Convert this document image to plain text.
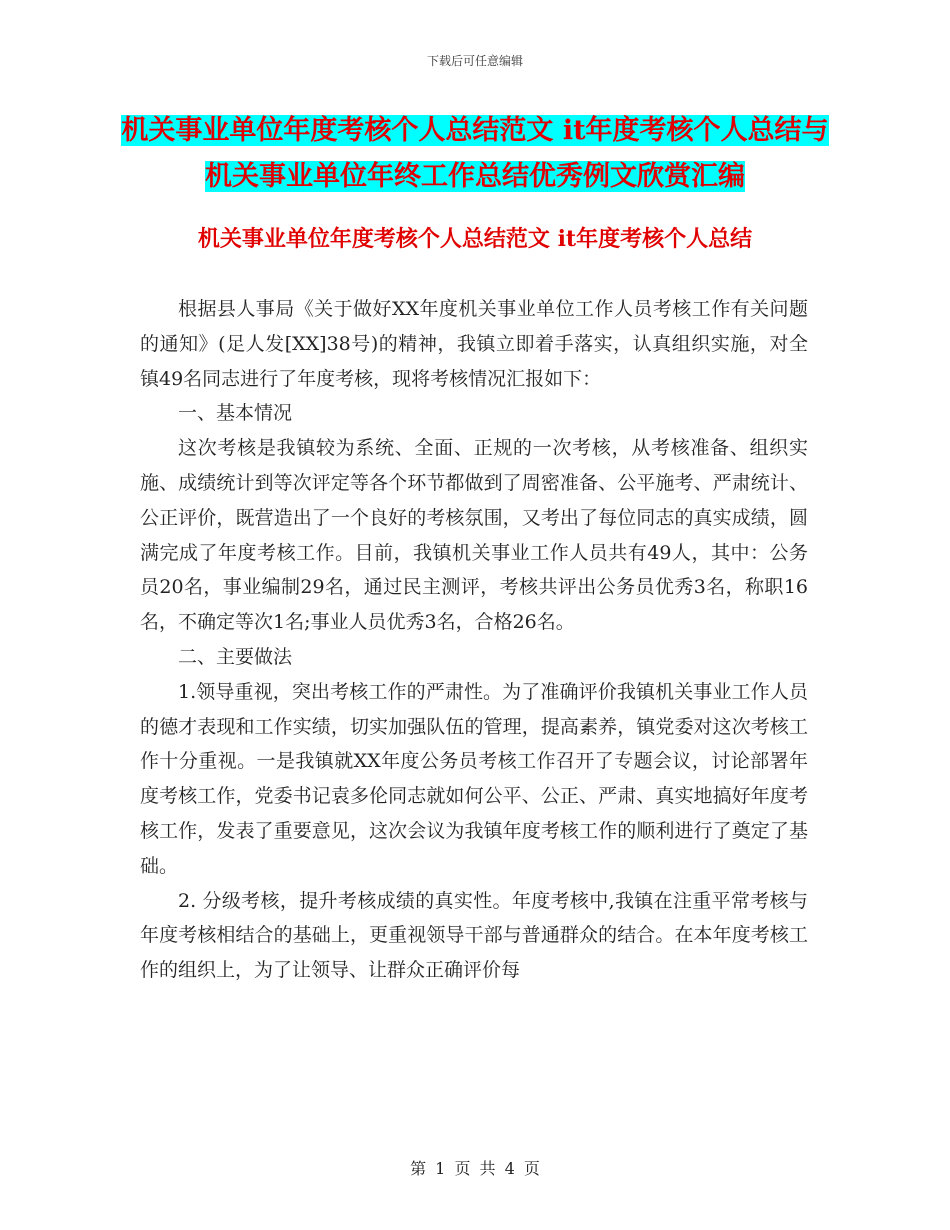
下载后可任意编辑
机关事业单位年度考核个人总结范文 it年度考核个人总结与机关事业单位年终工作总结优秀例文欣赏汇编
机关事业单位年度考核个人总结范文 it年度考核个人总结

根据县人事局《关于做好XX年度机关事业单位工作人员考核工作有关问题的通知》(足人发[XX]38号)的精神，我镇立即着手落实，认真组织实施，对全镇49名同志进行了年度考核，现将考核情况汇报如下：

一、基本情况

这次考核是我镇较为系统、全面、正规的一次考核，从考核准备、组织实施、成绩统计到等次评定等各个环节都做到了周密准备、公平施考、严肃统计、公正评价，既营造出了一个良好的考核氛围，又考出了每位同志的真实成绩，圆满完成了年度考核工作。目前，我镇机关事业工作人员共有49人，其中：公务员20名，事业编制29名，通过民主测评，考核共评出公务员优秀3名，称职16名，不确定等次1名;事业人员优秀3名，合格26名。

二、主要做法

1.领导重视，突出考核工作的严肃性。为了准确评价我镇机关事业工作人员的德才表现和工作实绩，切实加强队伍的管理，提高素养，镇党委对这次考核工作十分重视。一是我镇就XX年度公务员考核工作召开了专题会议，讨论部署年度考核工作，党委书记袁多伦同志就如何公平、公正、严肃、真实地搞好年度考核工作，发表了重要意见，这次会议为我镇年度考核工作的顺利进行了奠定了基础。

2. 分级考核，提升考核成绩的真实性。年度考核中,我镇在注重平常考核与年度考核相结合的基础上，更重视领导干部与普通群众的结合。在本年度考核工作的组织上，为了让领导、让群众正确评价每

第 1 页 共 4 页
